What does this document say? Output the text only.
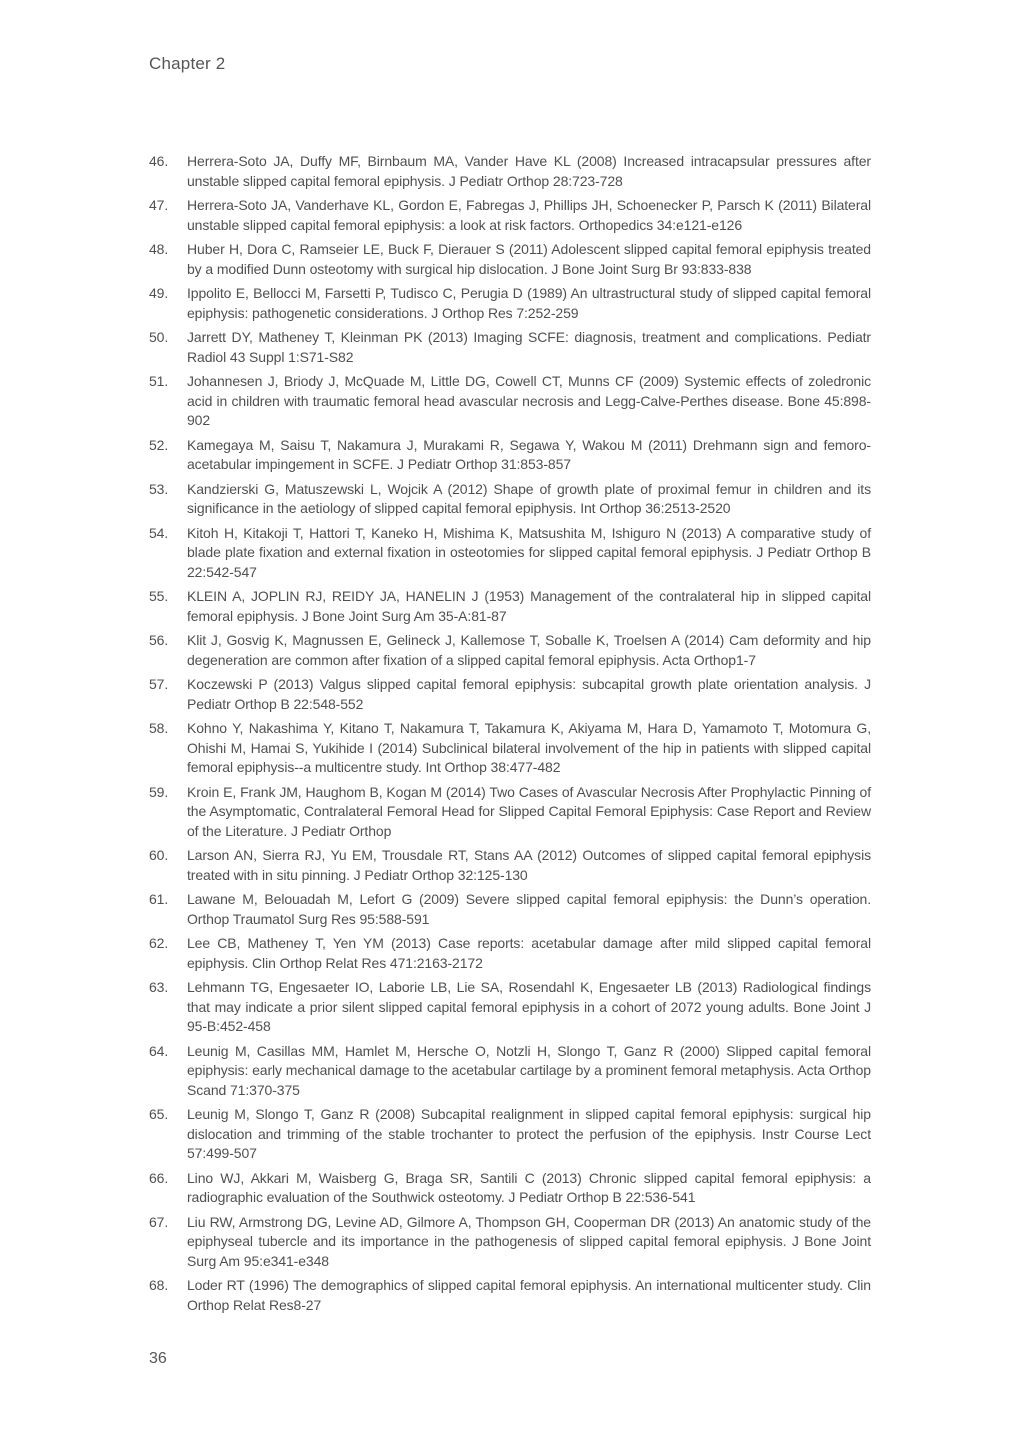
Chapter 2
46.	Herrera-Soto JA, Duffy MF, Birnbaum MA, Vander Have KL (2008) Increased intracapsular pressures after unstable slipped capital femoral epiphysis. J Pediatr Orthop 28:723-728
47.	Herrera-Soto JA, Vanderhave KL, Gordon E, Fabregas J, Phillips JH, Schoenecker P, Parsch K (2011) Bilateral unstable slipped capital femoral epiphysis: a look at risk factors. Orthopedics 34:e121-e126
48.	Huber H, Dora C, Ramseier LE, Buck F, Dierauer S (2011) Adolescent slipped capital femoral epiphysis treated by a modified Dunn osteotomy with surgical hip dislocation. J Bone Joint Surg Br 93:833-838
49.	Ippolito E, Bellocci M, Farsetti P, Tudisco C, Perugia D (1989) An ultrastructural study of slipped capital femoral epiphysis: pathogenetic considerations. J Orthop Res 7:252-259
50.	Jarrett DY, Matheney T, Kleinman PK (2013) Imaging SCFE: diagnosis, treatment and complications. Pediatr Radiol 43 Suppl 1:S71-S82
51.	Johannesen J, Briody J, McQuade M, Little DG, Cowell CT, Munns CF (2009) Systemic effects of zoledronic acid in children with traumatic femoral head avascular necrosis and Legg-Calve-Perthes disease. Bone 45:898-902
52.	Kamegaya M, Saisu T, Nakamura J, Murakami R, Segawa Y, Wakou M (2011) Drehmann sign and femoro-acetabular impingement in SCFE. J Pediatr Orthop 31:853-857
53.	Kandzierski G, Matuszewski L, Wojcik A (2012) Shape of growth plate of proximal femur in children and its significance in the aetiology of slipped capital femoral epiphysis. Int Orthop 36:2513-2520
54.	Kitoh H, Kitakoji T, Hattori T, Kaneko H, Mishima K, Matsushita M, Ishiguro N (2013) A comparative study of blade plate fixation and external fixation in osteotomies for slipped capital femoral epiphysis. J Pediatr Orthop B 22:542-547
55.	KLEIN A, JOPLIN RJ, REIDY JA, HANELIN J (1953) Management of the contralateral hip in slipped capital femoral epiphysis. J Bone Joint Surg Am 35-A:81-87
56.	Klit J, Gosvig K, Magnussen E, Gelineck J, Kallemose T, Soballe K, Troelsen A (2014) Cam deformity and hip degeneration are common after fixation of a slipped capital femoral epiphysis. Acta Orthop1-7
57.	Koczewski P (2013) Valgus slipped capital femoral epiphysis: subcapital growth plate orientation analysis. J Pediatr Orthop B 22:548-552
58.	Kohno Y, Nakashima Y, Kitano T, Nakamura T, Takamura K, Akiyama M, Hara D, Yamamoto T, Motomura G, Ohishi M, Hamai S, Yukihide I (2014) Subclinical bilateral involvement of the hip in patients with slipped capital femoral epiphysis--a multicentre study. Int Orthop 38:477-482
59.	Kroin E, Frank JM, Haughom B, Kogan M (2014) Two Cases of Avascular Necrosis After Prophylactic Pinning of the Asymptomatic, Contralateral Femoral Head for Slipped Capital Femoral Epiphysis: Case Report and Review of the Literature. J Pediatr Orthop
60.	Larson AN, Sierra RJ, Yu EM, Trousdale RT, Stans AA (2012) Outcomes of slipped capital femoral epiphysis treated with in situ pinning. J Pediatr Orthop 32:125-130
61.	Lawane M, Belouadah M, Lefort G (2009) Severe slipped capital femoral epiphysis: the Dunn’s operation. Orthop Traumatol Surg Res 95:588-591
62.	Lee CB, Matheney T, Yen YM (2013) Case reports: acetabular damage after mild slipped capital femoral epiphysis. Clin Orthop Relat Res 471:2163-2172
63.	Lehmann TG, Engesaeter IO, Laborie LB, Lie SA, Rosendahl K, Engesaeter LB (2013) Radiological findings that may indicate a prior silent slipped capital femoral epiphysis in a cohort of 2072 young adults. Bone Joint J 95-B:452-458
64.	Leunig M, Casillas MM, Hamlet M, Hersche O, Notzli H, Slongo T, Ganz R (2000) Slipped capital femoral epiphysis: early mechanical damage to the acetabular cartilage by a prominent femoral metaphysis. Acta Orthop Scand 71:370-375
65.	Leunig M, Slongo T, Ganz R (2008) Subcapital realignment in slipped capital femoral epiphysis: surgical hip dislocation and trimming of the stable trochanter to protect the perfusion of the epiphysis. Instr Course Lect 57:499-507
66.	Lino WJ, Akkari M, Waisberg G, Braga SR, Santili C (2013) Chronic slipped capital femoral epiphysis: a radiographic evaluation of the Southwick osteotomy. J Pediatr Orthop B 22:536-541
67.	Liu RW, Armstrong DG, Levine AD, Gilmore A, Thompson GH, Cooperman DR (2013) An anatomic study of the epiphyseal tubercle and its importance in the pathogenesis of slipped capital femoral epiphysis. J Bone Joint Surg Am 95:e341-e348
68.	Loder RT (1996) The demographics of slipped capital femoral epiphysis. An international multicenter study. Clin Orthop Relat Res8-27
36
